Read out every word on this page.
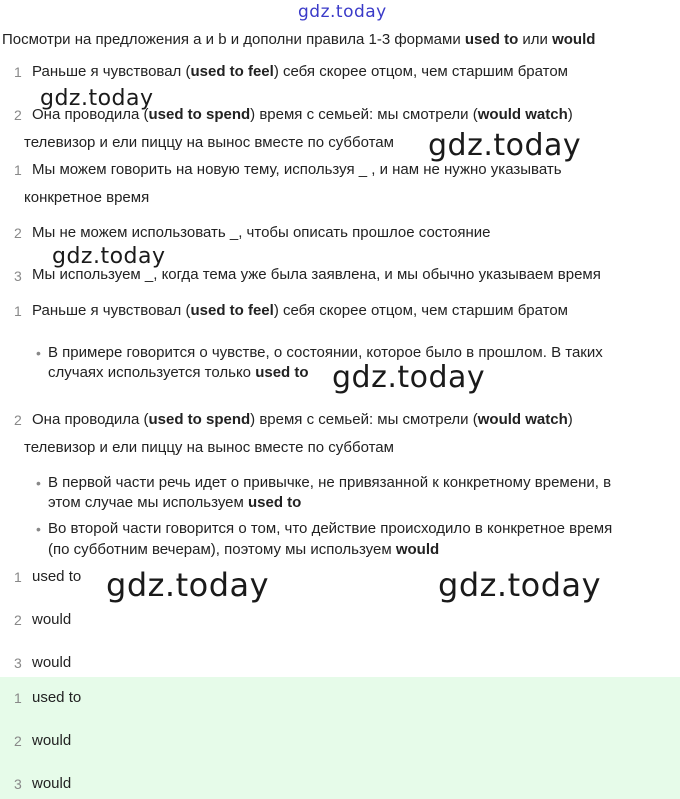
Посмотри на предложения a и b и дополни правила 1-3 формами used to или would
1 Раньше я чувствовал (used to feel) себя скорее отцом, чем старшим братом
2 Она проводила (used to spend) время с семьей: мы смотрели (would watch)
телевизор и ели пиццу на вынос вместе по субботам
1 Мы можем говорить на новую тему, используя _ , и нам не нужно указывать
конкретное время
2 Мы не можем использовать _, чтобы описать прошлое состояние
3 Мы используем _, когда тема уже была заявлена, и мы обычно указываем время
1 Раньше я чувствовал (used to feel) себя скорее отцом, чем старшим братом
• В примере говорится о чувстве, о состоянии, которое было в прошлом. В таких
случаях используется только used to
2 Она проводила (used to spend) время с семьей: мы смотрели (would watch)
телевизор и ели пиццу на вынос вместе по субботам
• В первой части речь идет о привычке, не привязанной к конкретному времени, в
этом случае мы используем used to
• Во второй части говорится о том, что действие происходило в конкретное время
(по субботним вечерам), поэтому мы используем would
1 used to
2 would
3 would
1 used to
2 would
3 would
gdz.today
gdz.today
gdz.today
gdz.today
gdz.today
gdz.today	gdz.today
